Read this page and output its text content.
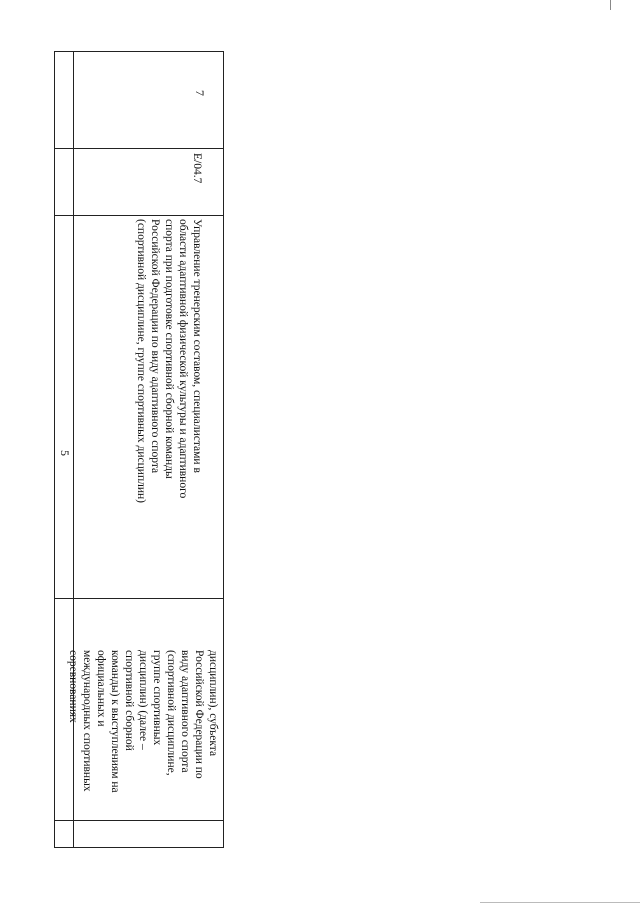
5
дисциплин), субъекта
Российской Федерации по
виду адаптивного спорта
(спортивной дисциплине,
группе спортивных
дисциплин) (далее –
спортивной сборной
команды) к выступлениям на
официальных и
международных спортивных
соревнованиях
Управление тренерским составом, специалистами в
области адаптивной физической культуры и адаптивного
спорта при подготовке спортивной сборной команды
Российской Федерации по виду адаптивного спорта
(спортивной дисциплине, группе спортивных дисциплин)
E/04.7
7
